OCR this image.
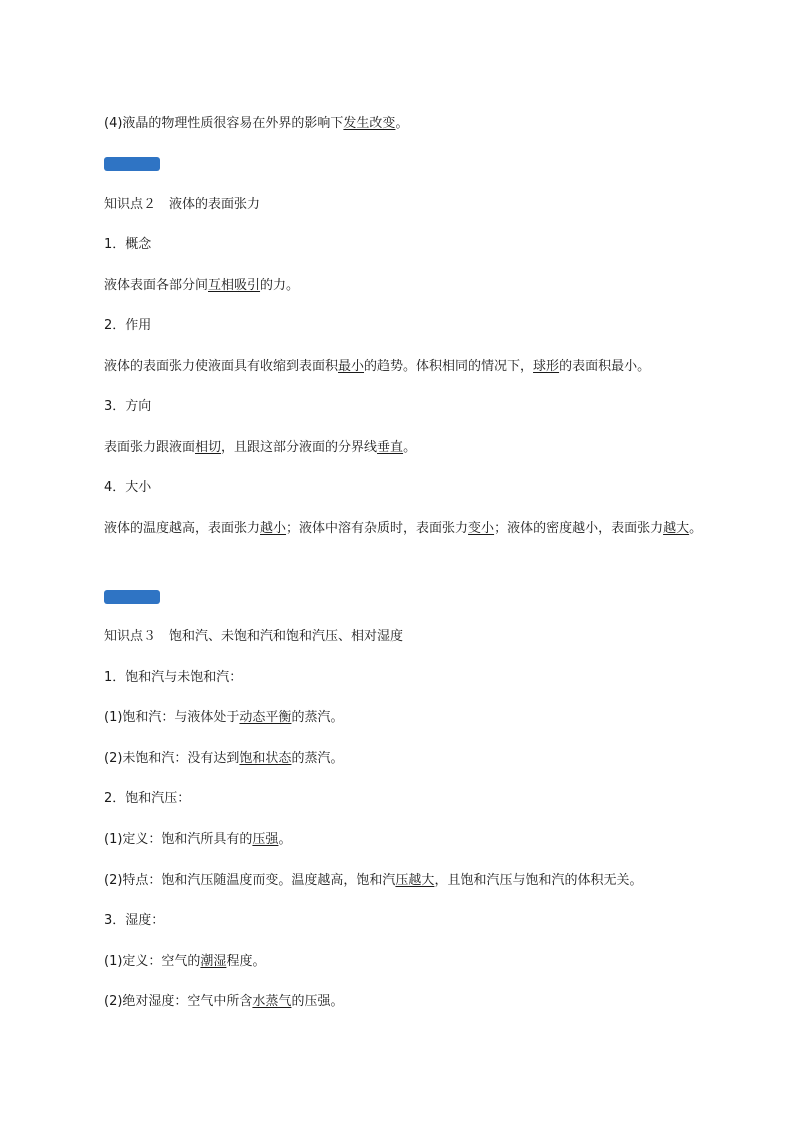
(4)液晶的物理性质很容易在外界的影响下发生改变。
知识点２　液体的表面张力
1．概念
液体表面各部分间互相吸引的力。
2．作用
液体的表面张力使液面具有收缩到表面积最小的趋势。体积相同的情况下，球形的表面积最小。
3．方向
表面张力跟液面相切，且跟这部分液面的分界线垂直。
4．大小
液体的温度越高，表面张力越小；液体中溶有杂质时，表面张力变小；液体的密度越小，表面张力越大。
知识点３　饱和汽、未饱和汽和饱和汽压、相对湿度
1．饱和汽与未饱和汽：
(1)饱和汽：与液体处于动态平衡的蒸汽。
(2)未饱和汽：没有达到饱和状态的蒸汽。
2．饱和汽压：
(1)定义：饱和汽所具有的压强。
(2)特点：饱和汽压随温度而变。温度越高，饱和汽压越大，且饱和汽压与饱和汽的体积无关。
3．湿度：
(1)定义：空气的潮湿程度。
(2)绝对湿度：空气中所含水蒸气的压强。
